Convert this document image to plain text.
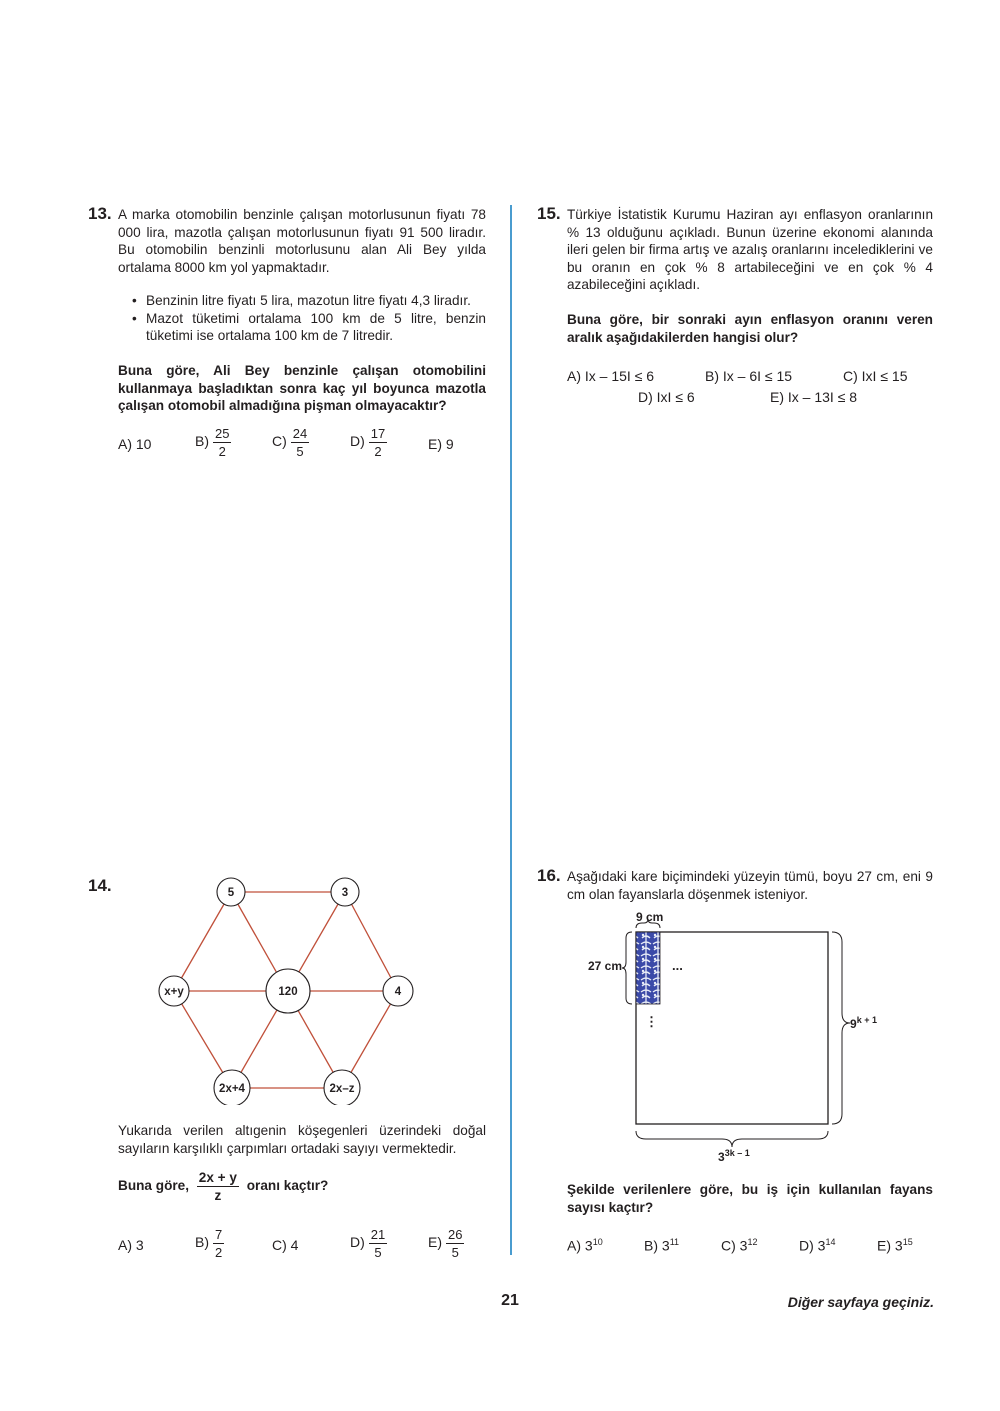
13. A marka otomobilin benzinle çalışan motorlusunun fiyatı 78 000 lira, mazotla çalışan motorlusunun fiyatı 91 500 liradır. Bu otomobilin benzinli motorlusunu alan Ali Bey yılda ortalama 8000 km yol yapmaktadır.
• Benzinin litre fiyatı 5 lira, mazotun litre fiyatı 4,3 liradır.
• Mazot tüketimi ortalama 100 km de 5 litre, benzin tüketimi ise ortalama 100 km de 7 litredir.
Buna göre, Ali Bey benzinle çalışan otomobilini kullanmaya başladıktan sonra kaç yıl boyunca mazotla çalışan otomobil almadığına pişman olmayacaktır?
A) 10	$B) \frac{25}{2}$	$C) \frac{24}{5}$	$D) \frac{17}{2}$	E) 9
14.	5	3
x+y	120	4
2x+4	2x–z
Yukarıda verilen altıgenin köşegenleri üzerindeki doğal sayıların karşılıklı çarpımları ortadaki sayıyı vermektedir.
Buna göre, $\frac{2x + y}{z}$ oranı kaçtır?
A) 3	$B) \frac{7}{2}$	C) 4	$D) \frac{21}{5}$	$E) \frac{26}{5}$
15. Türkiye İstatistik Kurumu Haziran ayı enflasyon oranlarının % 13 olduğunu açıkladı. Bunun üzerine ekonomi alanında ileri gelen bir firma artış ve azalış oranlarını incelediklerini ve bu oranın en çok % 8 artabileceğini ve en çok % 4 azabileceğini açıkladı.
Buna göre, bir sonraki ayın enflasyon oranını veren aralık aşağıdakilerden hangisi olur?
A) Ix – 15I ≤ 6	B) Ix – 6I ≤ 15	C) IxI ≤ 15
D) IxI ≤ 6	E) Ix – 13I ≤ 8
16. Aşağıdaki kare biçimindeki yüzeyin tümü, boyu 27 cm, eni 9 cm olan fayanslarla döşenmek isteniyor.
9 cm
27 cm	...
⋮	$9^{k + 1}$
$3^{3k - 1}$
Şekilde verilenlere göre, bu iş için kullanılan fayans sayısı kaçtır?
A) $3^{10}$	B) $3^{11}$	C) $3^{12}$	D) $3^{14}$	E) $3^{15}$
21	Diğer sayfaya geçiniz.
